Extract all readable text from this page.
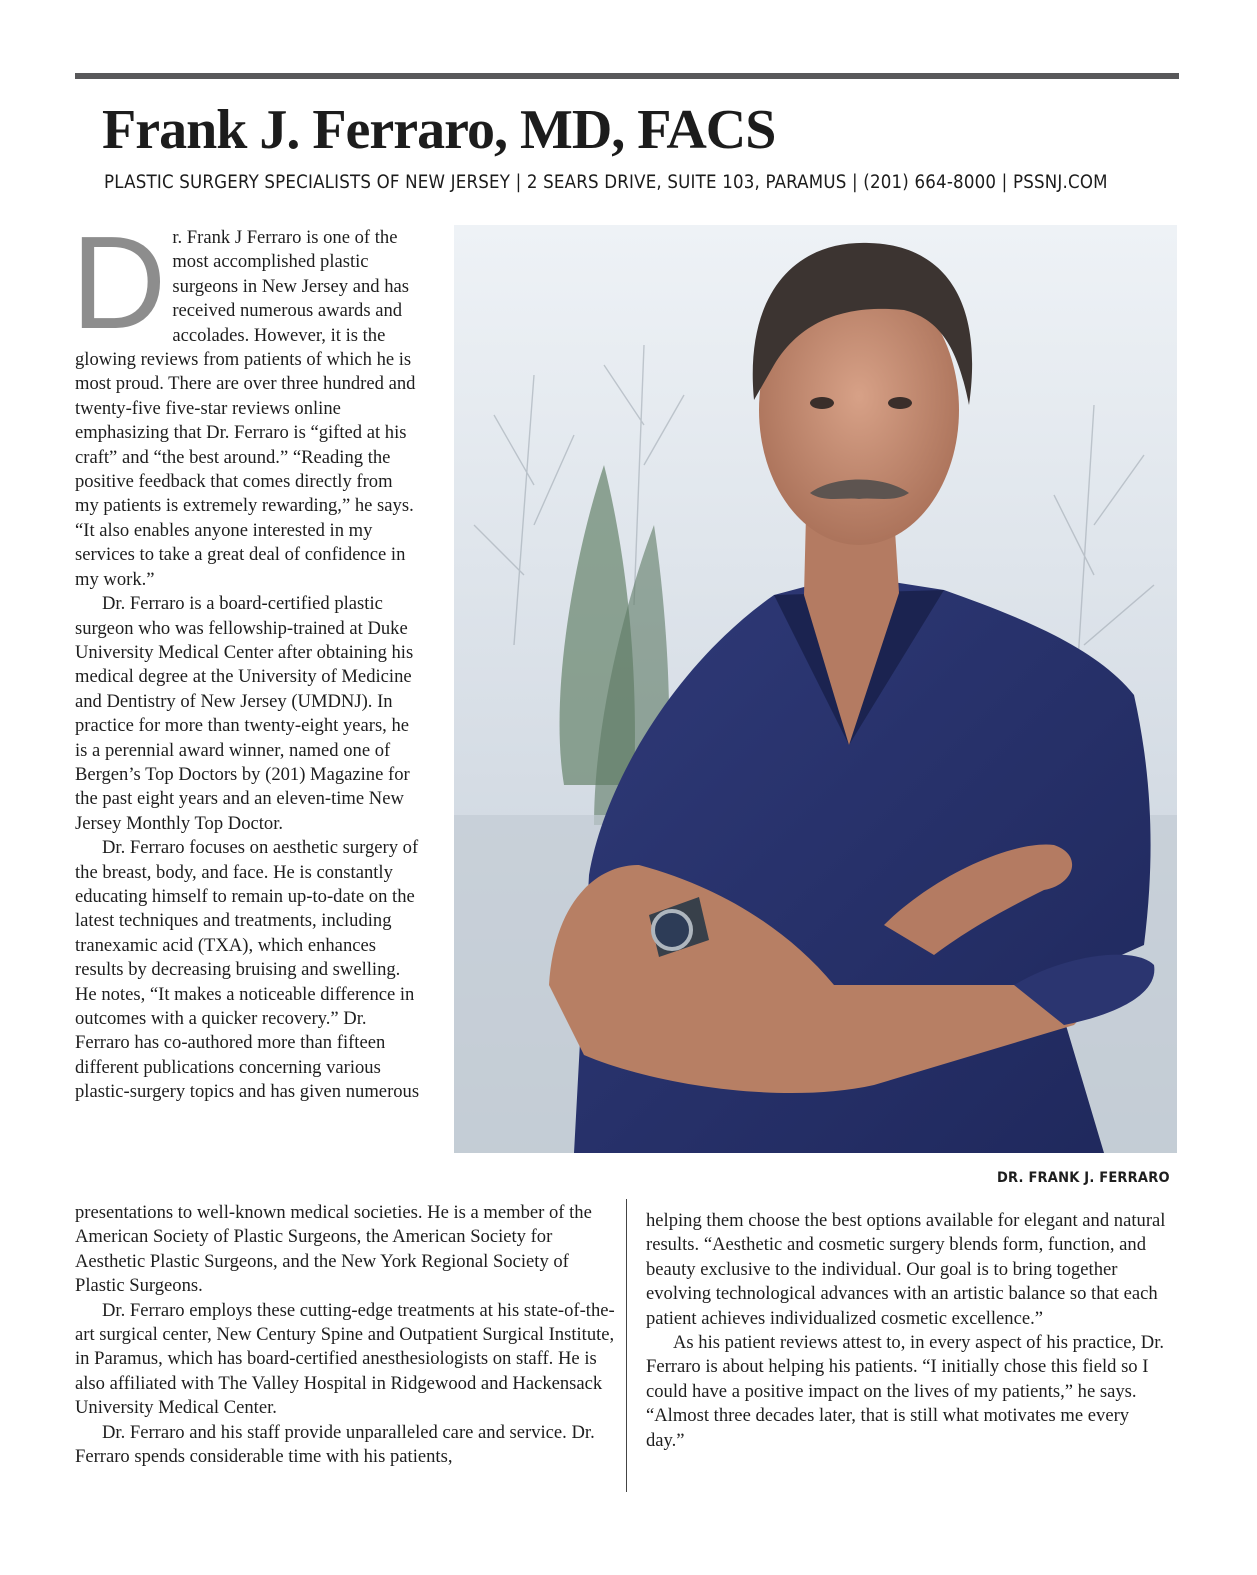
Frank J. Ferraro, MD, FACS
PLASTIC SURGERY SPECIALISTS OF NEW JERSEY | 2 SEARS DRIVE, SUITE 103, PARAMUS | (201) 664-8000 | PSSNJ.COM

Dr. Frank J Ferraro is one of the most accomplished plastic surgeons in New Jersey and has received numerous awards and accolades. However, it is the glowing reviews from patients of which he is most proud. There are over three hundred and twenty-five five-star reviews online emphasizing that Dr. Ferraro is “gifted at his craft” and “the best around.” “Reading the positive feedback that comes directly from my patients is extremely rewarding,” he says. “It also enables anyone interested in my services to take a great deal of confidence in my work.”

Dr. Ferraro is a board-certified plastic surgeon who was fellowship-trained at Duke University Medical Center after obtaining his medical degree at the University of Medicine and Dentistry of New Jersey (UMDNJ). In practice for more than twenty-eight years, he is a perennial award winner, named one of Bergen’s Top Doctors by (201) Magazine for the past eight years and an eleven-time New Jersey Monthly Top Doctor.

Dr. Ferraro focuses on aesthetic surgery of the breast, body, and face. He is constantly educating himself to remain up-to-date on the latest techniques and treatments, including tranexamic acid (TXA), which enhances results by decreasing bruising and swelling. He notes, “It makes a noticeable difference in outcomes with a quicker recovery.” Dr. Ferraro has co-authored more than fifteen different publications concerning various plastic-surgery topics and has given numerous

presentations to well-known medical societies. He is a member of the American Society of Plastic Surgeons, the American Society for Aesthetic Plastic Surgeons, and the New York Regional Society of Plastic Surgeons.

Dr. Ferraro employs these cutting-edge treatments at his state-of-the-art surgical center, New Century Spine and Outpatient Surgical Institute, in Paramus, which has board-certified anesthesiologists on staff. He is also affiliated with The Valley Hospital in Ridgewood and Hackensack University Medical Center.

Dr. Ferraro and his staff provide unparalleled care and service. Dr. Ferraro spends considerable time with his patients,

helping them choose the best options available for elegant and natural results. “Aesthetic and cosmetic surgery blends form, function, and beauty exclusive to the individual. Our goal is to bring together evolving technological advances with an artistic balance so that each patient achieves individualized cosmetic excellence.”

As his patient reviews attest to, in every aspect of his practice, Dr. Ferraro is about helping his patients. “I initially chose this field so I could have a positive impact on the lives of my patients,” he says. “Almost three decades later, that is still what motivates me every day.”

DR. FRANK J. FERRARO
